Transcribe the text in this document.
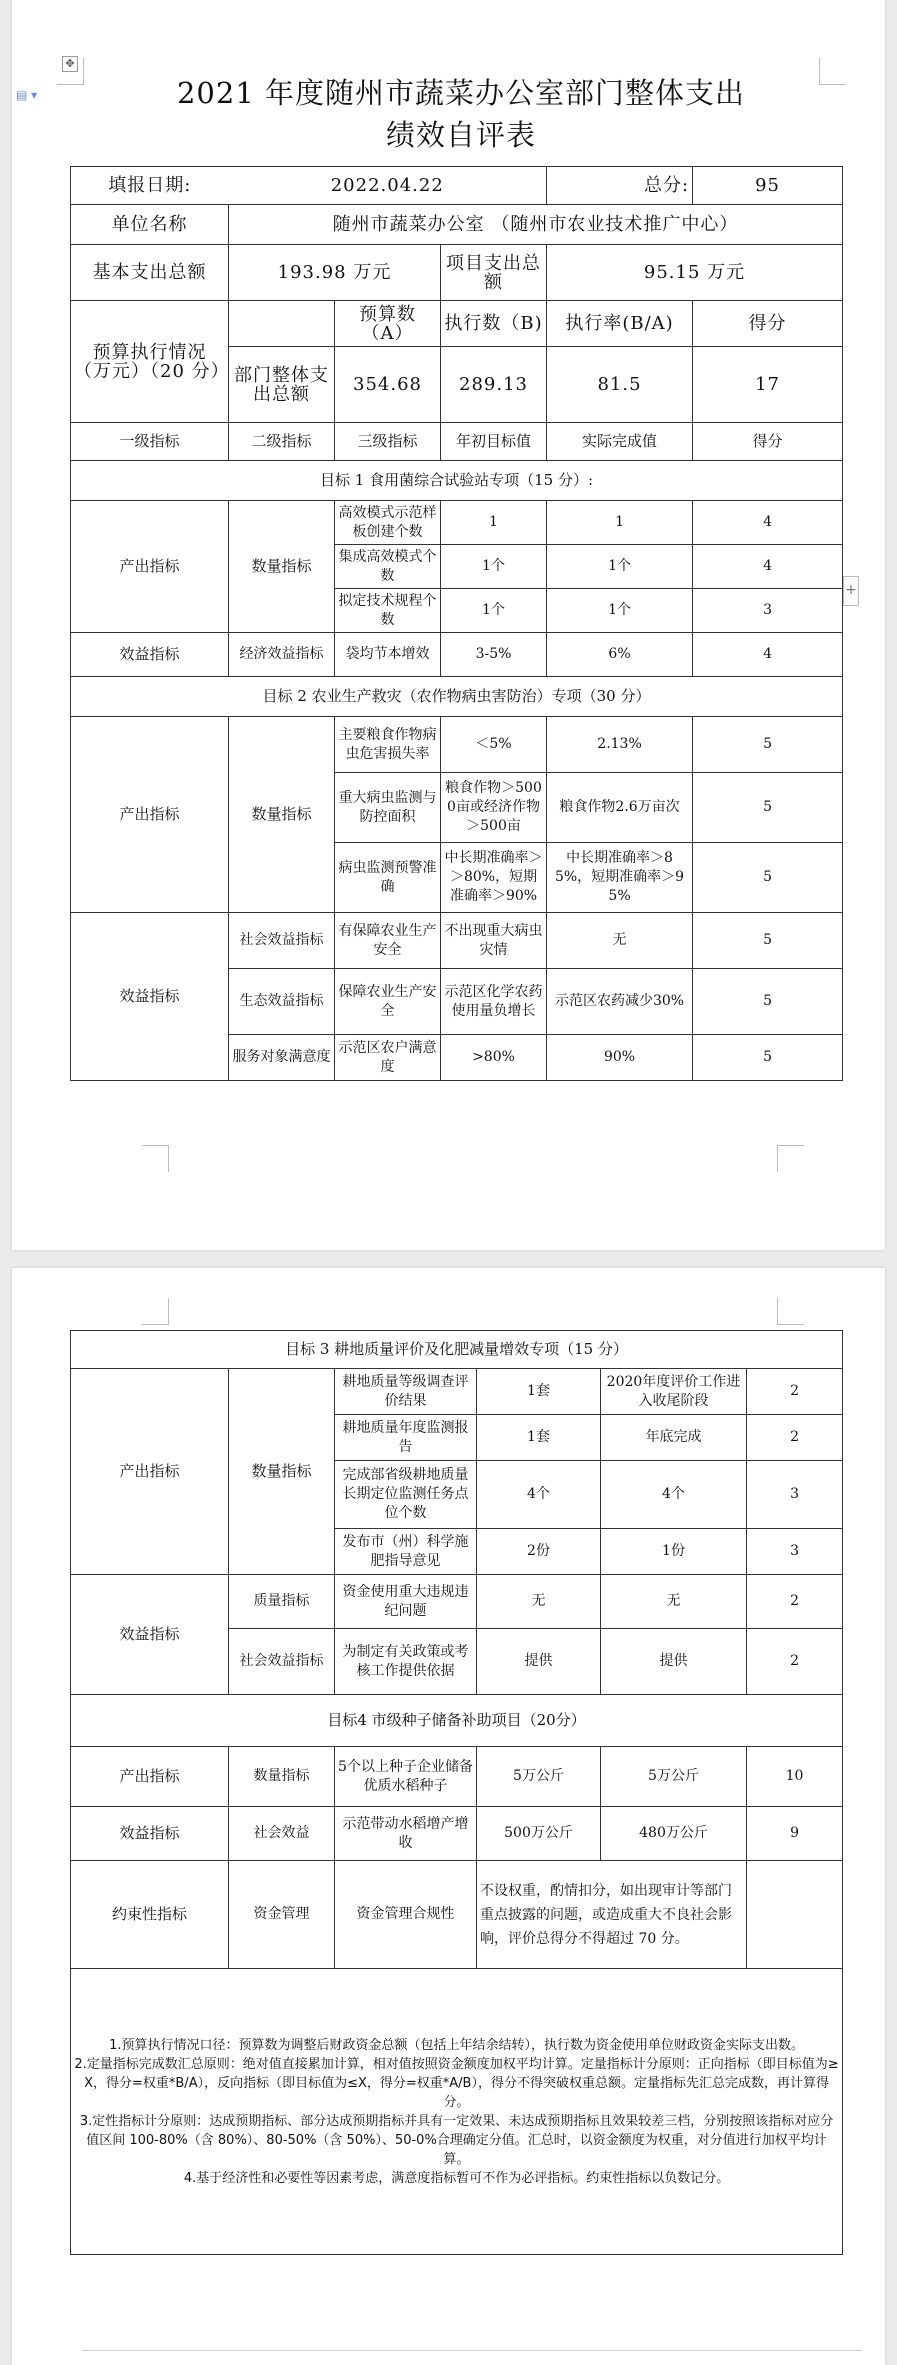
✥
▤ ▾
+
2021 年度随州市蔬菜办公室部门整体支出
绩效自评表
填报日期:	2022.04.22			总分:	95
单位名称	随州市蔬菜办公室 （随州市农业技术推广中心）				
基本支出总额	193.98 万元		项目支出总额	95.15 万元	
预算执行情况（万元）（20 分）		预算数（A）	执行数（B)	执行率(B/A)	得分
	部门整体支出总额	354.68	289.13	81.5	17
一级指标	二级指标	三级指标	年初目标值	实际完成值	得分
目标 1 食用菌综合试验站专项（15 分）:					
产出指标	数量指标	高效模式示范样板创建个数	1	1	4
		集成高效模式个数	1个	1个	4
		拟定技术规程个数	1个	1个	3
效益指标	经济效益指标	袋均节本增效	3-5%	6%	4
目标 2 农业生产救灾（农作物病虫害防治）专项（30 分）					
产出指标	数量指标	主要粮食作物病虫危害损失率	＜5%	2.13%	5
		重大病虫监测与防控面积	粮食作物＞5000亩或经济作物＞500亩	粮食作物2.6万亩次	5
		病虫监测预警准确	中长期准确率＞＞80%，短期准确率＞90%	中长期准确率＞85%，短期准确率＞95%	5
效益指标	社会效益指标	有保障农业生产安全	不出现重大病虫灾情	无	5
	生态效益指标	保障农业生产安全	示范区化学农药使用量负增长	示范区农药减少30%	5
	服务对象满意度	示范区农户满意度	>80%	90%	5
目标 3 耕地质量评价及化肥减量增效专项（15 分）					
产出指标	数量指标	耕地质量等级调查评价结果	1套	2020年度评价工作进入收尾阶段	2
		耕地质量年度监测报告	1套	年底完成	2
		完成部省级耕地质量长期定位监测任务点位个数	4个	4个	3
		发布市（州）科学施肥指导意见	2份	1份	3
效益指标	质量指标	资金使用重大违规违纪问题	无	无	2
	社会效益指标	为制定有关政策或考核工作提供依据	提供	提供	2
目标4 市级种子储备补助项目（20分）					
产出指标	数量指标	5个以上种子企业储备优质水稻种子	5万公斤	5万公斤	10
效益指标	社会效益	示范带动水稻增产增收	500万公斤	480万公斤	9
约束性指标	资金管理	资金管理合规性	不设权重，酌情扣分，如出现审计等部门重点披露的问题，或造成重大不良社会影响，评价总得分不得超过 70 分。		

1.预算执行情况口径：预算数为调整后财政资金总额（包括上年结余结转），执行数为资金使用单位财政资金实际支出数。
2.定量指标完成数汇总原则：绝对值直接累加计算，相对值按照资金额度加权平均计算。定量指标计分原则：正向指标（即目标值为≥X，得分=权重*B/A），反向指标（即目标值为≤X，得分=权重*A/B），得分不得突破权重总额。定量指标先汇总完成数，再计算得分。
3.定性指标计分原则：达成预期指标、部分达成预期指标并具有一定效果、未达成预期指标且效果较差三档，分别按照该指标对应分值区间 100-80%（含 80%）、80-50%（含 50%）、50-0%合理确定分值。汇总时，以资金额度为权重，对分值进行加权平均计算。
4.基于经济性和必要性等因素考虑，满意度指标暂可不作为必评指标。约束性指标以负数记分。					
